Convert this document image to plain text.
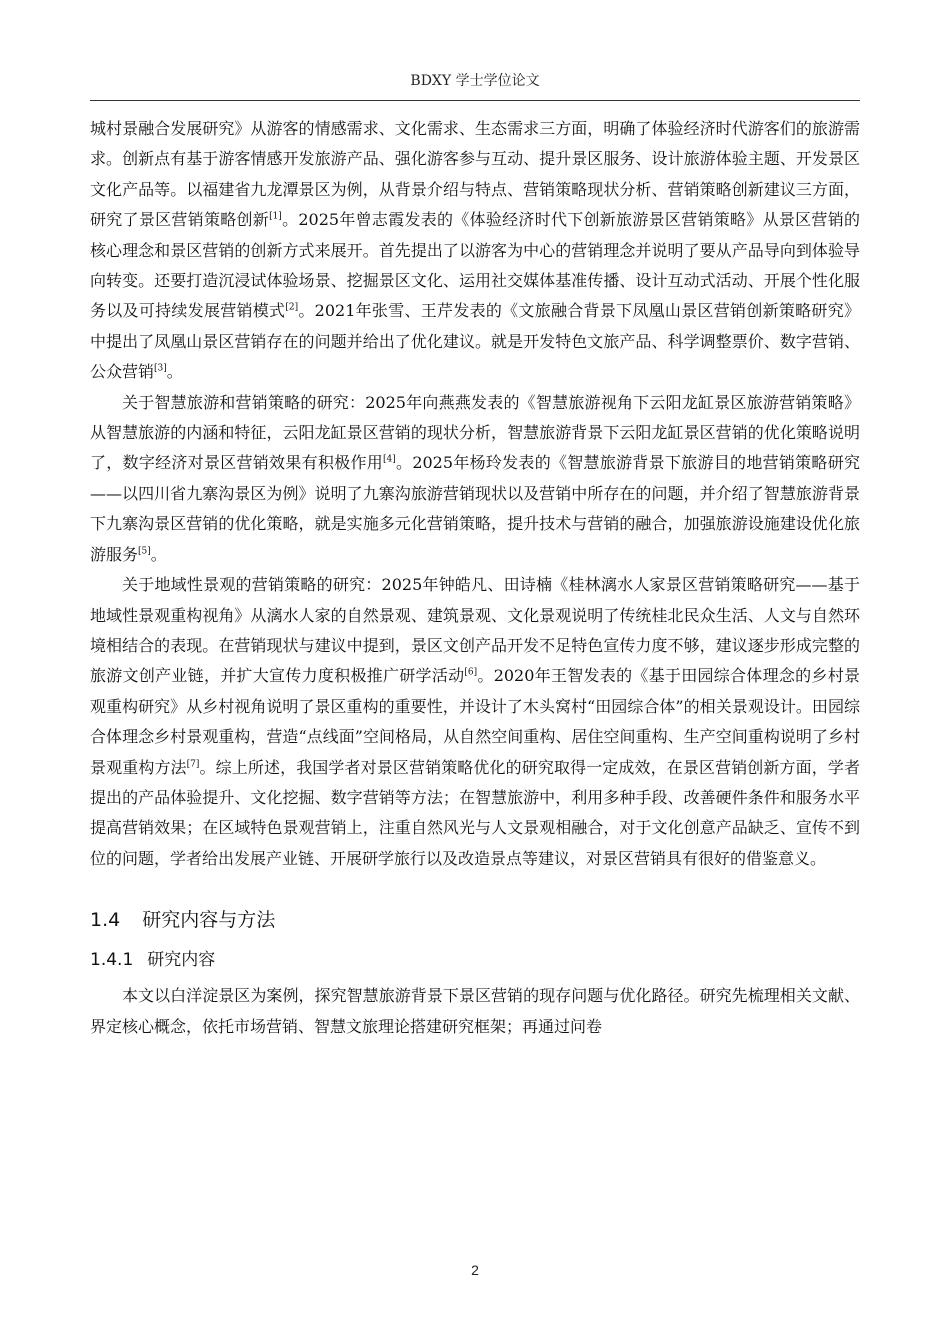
BDXY 学士学位论文

城村景融合发展研究》从游客的情感需求、文化需求、生态需求三方面，明确了体验经济时代游客们的旅游需求。创新点有基于游客情感开发旅游产品、强化游客参与互动、提升景区服务、设计旅游体验主题、开发景区文化产品等。以福建省九龙潭景区为例，从背景介绍与特点、营销策略现状分析、营销策略创新建议三方面，研究了景区营销策略创新[1]。2025年曾志霞发表的《体验经济时代下创新旅游景区营销策略》从景区营销的核心理念和景区营销的创新方式来展开。首先提出了以游客为中心的营销理念并说明了要从产品导向到体验导向转变。还要打造沉浸试体验场景、挖掘景区文化、运用社交媒体基准传播、设计互动式活动、开展个性化服务以及可持续发展营销模式[2]。2021年张雪、王芹发表的《文旅融合背景下凤凰山景区营销创新策略研究》中提出了凤凰山景区营销存在的问题并给出了优化建议。就是开发特色文旅产品、科学调整票价、数字营销、公众营销[3]。

关于智慧旅游和营销策略的研究：2025年向燕燕发表的《智慧旅游视角下云阳龙缸景区旅游营销策略》从智慧旅游的内涵和特征，云阳龙缸景区营销的现状分析，智慧旅游背景下云阳龙缸景区营销的优化策略说明了，数字经济对景区营销效果有积极作用[4]。2025年杨玲发表的《智慧旅游背景下旅游目的地营销策略研究——以四川省九寨沟景区为例》说明了九寨沟旅游营销现状以及营销中所存在的问题，并介绍了智慧旅游背景下九寨沟景区营销的优化策略，就是实施多元化营销策略，提升技术与营销的融合，加强旅游设施建设优化旅游服务[5]。

关于地域性景观的营销策略的研究：2025年钟皓凡、田诗楠《桂林漓水人家景区营销策略研究——基于地域性景观重构视角》从漓水人家的自然景观、建筑景观、文化景观说明了传统桂北民众生活、人文与自然环境相结合的表现。在营销现状与建议中提到，景区文创产品开发不足特色宣传力度不够，建议逐步形成完整的旅游文创产业链，并扩大宣传力度积极推广研学活动[6]。2020年王智发表的《基于田园综合体理念的乡村景观重构研究》从乡村视角说明了景区重构的重要性，并设计了木头窝村“田园综合体”的相关景观设计。田园综合体理念乡村景观重构，营造“点线面”空间格局，从自然空间重构、居住空间重构、生产空间重构说明了乡村景观重构方法[7]。综上所述，我国学者对景区营销策略优化的研究取得一定成效，在景区营销创新方面，学者提出的产品体验提升、文化挖掘、数字营销等方法；在智慧旅游中，利用多种手段、改善硬件条件和服务水平提高营销效果；在区域特色景观营销上，注重自然风光与人文景观相融合，对于文化创意产品缺乏、宣传不到位的问题，学者给出发展产业链、开展研学旅行以及改造景点等建议，对景区营销具有很好的借鉴意义。

1.4 研究内容与方法
1.4.1 研究内容

本文以白洋淀景区为案例，探究智慧旅游背景下景区营销的现存问题与优化路径。研究先梳理相关文献、界定核心概念，依托市场营销、智慧文旅理论搭建研究框架；再通过问卷

2
